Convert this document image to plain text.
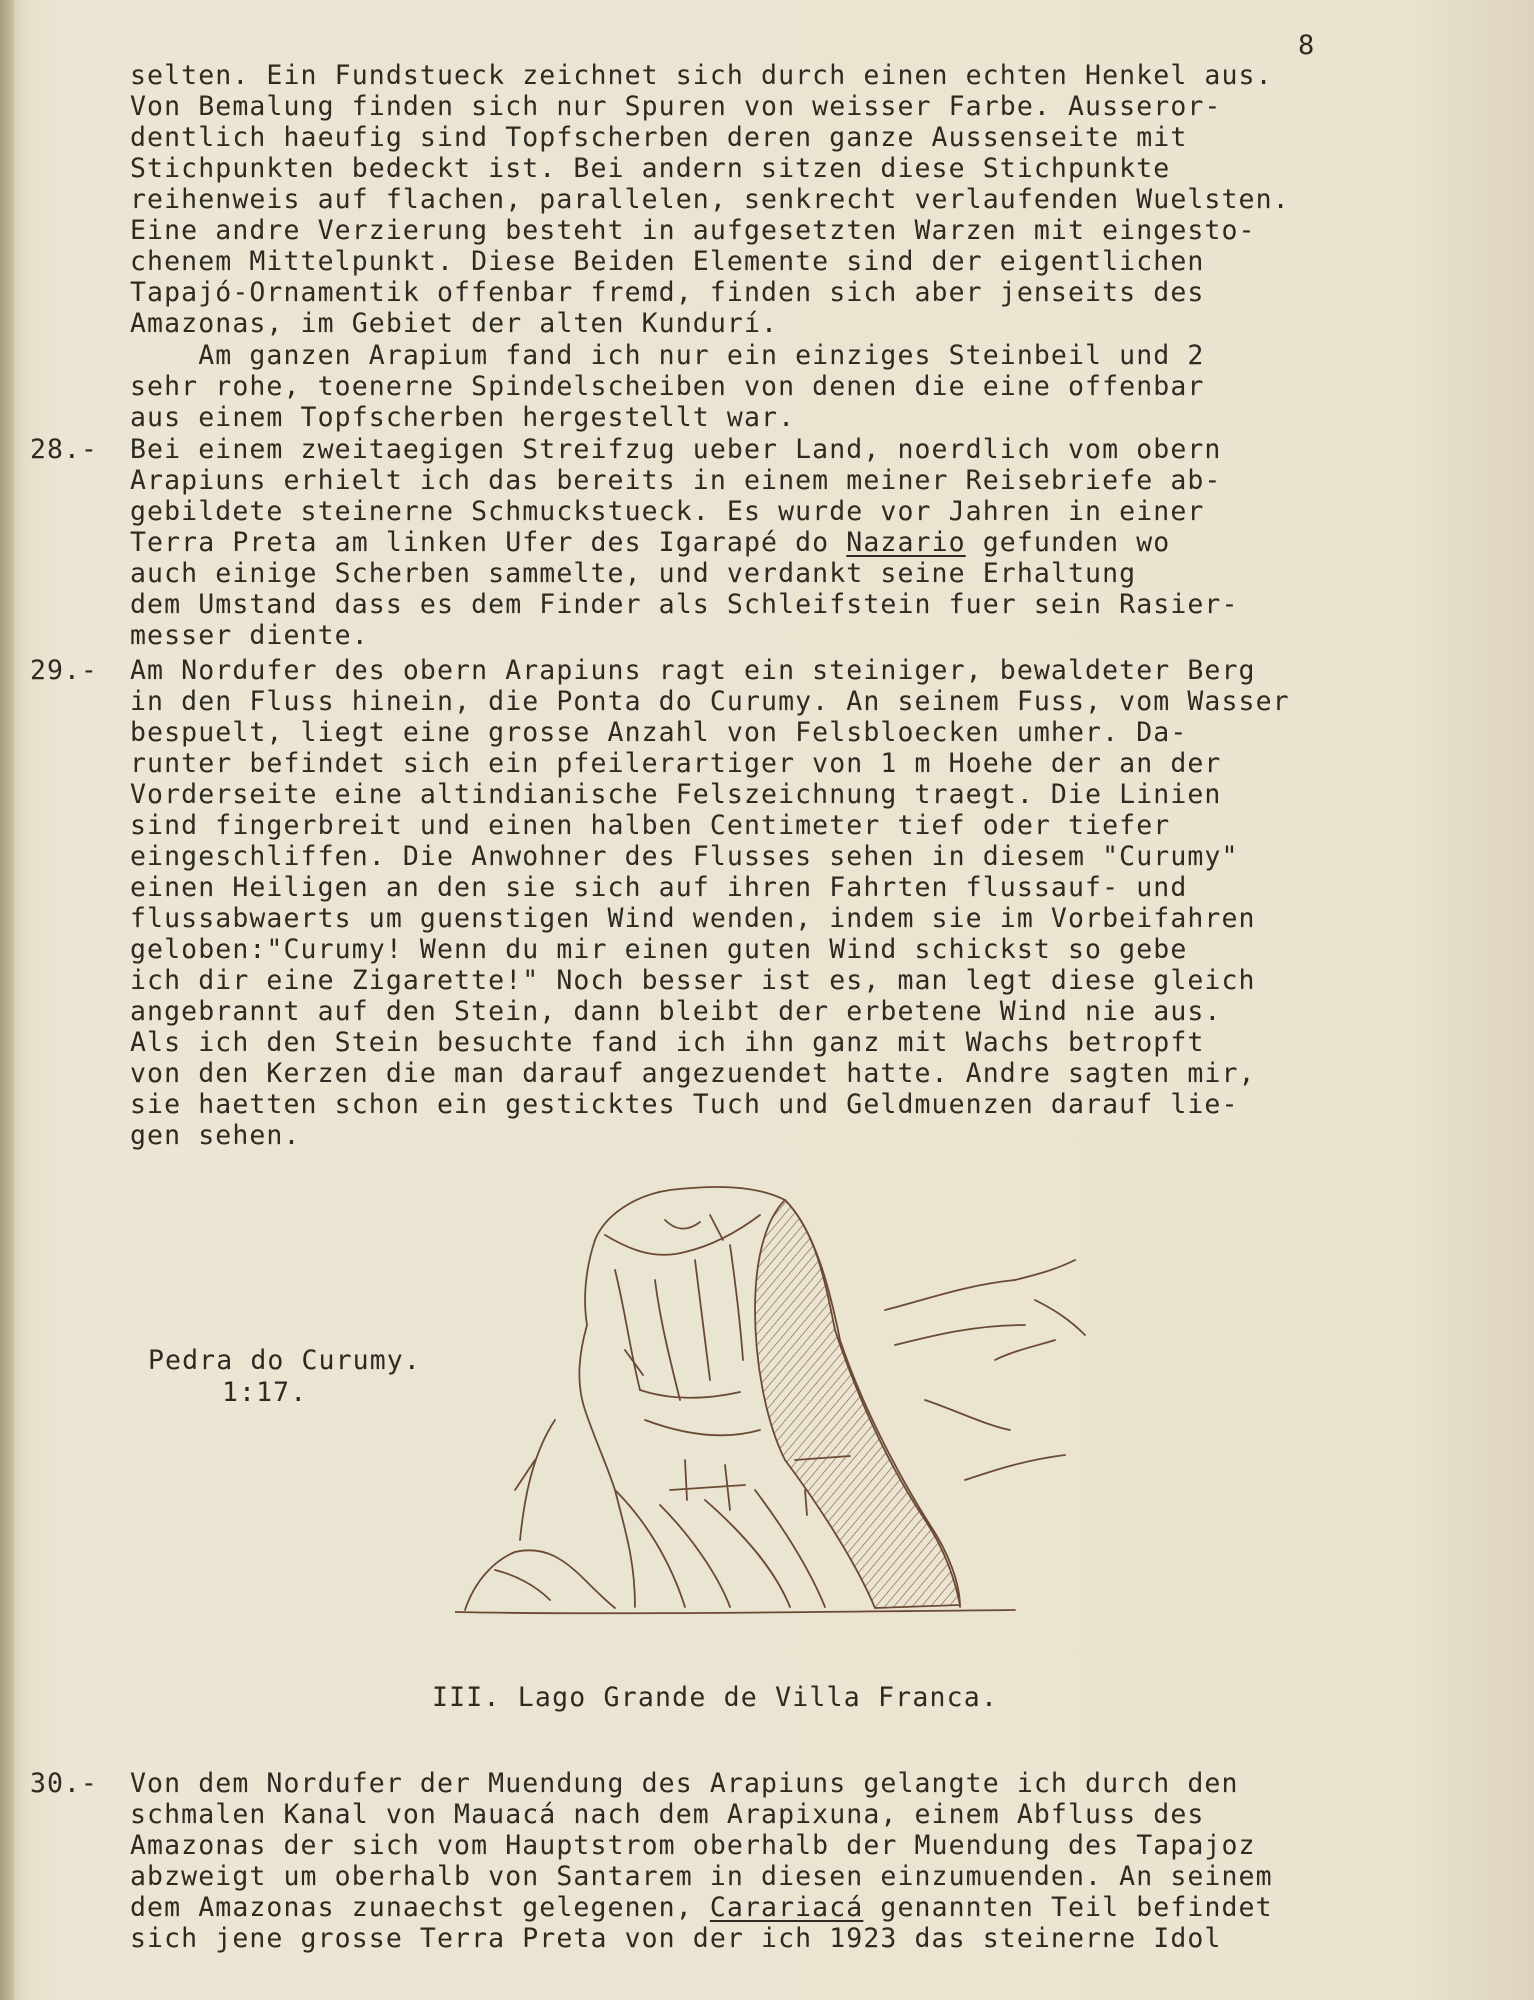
8
selten. Ein Fundstueck zeichnet sich durch einen echten Henkel aus.
Von Bemalung finden sich nur Spuren von weisser Farbe. Ausseror-
dentlich haeufig sind Topfscherben deren ganze Aussenseite mit
Stichpunkten bedeckt ist. Bei andern sitzen diese Stichpunkte
reihenweis auf flachen, parallelen, senkrecht verlaufenden Wuelsten.
Eine andre Verzierung besteht in aufgesetzten Warzen mit eingesto-
chenem Mittelpunkt. Diese Beiden Elemente sind der eigentlichen
Tapajó-Ornamentik offenbar fremd, finden sich aber jenseits des
Amazonas, im Gebiet der alten Kundurí.
Am ganzen Arapium fand ich nur ein einziges Steinbeil und 2
sehr rohe, toenerne Spindelscheiben von denen die eine offenbar
aus einem Topfscherben hergestellt war.
28.- Bei einem zweitaegigen Streifzug ueber Land, noerdlich vom obern
Arapiuns erhielt ich das bereits in einem meiner Reisebriefe ab-
gebildete steinerne Schmuckstueck. Es wurde vor Jahren in einer
Terra Preta am linken Ufer des Igarapé do Nazario gefunden wo
auch einige Scherben sammelte, und verdankt seine Erhaltung
dem Umstand dass es dem Finder als Schleifstein fuer sein Rasier-
messer diente.
29.- Am Nordufer des obern Arapiuns ragt ein steiniger, bewaldeter Berg
in den Fluss hinein, die Ponta do Curumy. An seinem Fuss, vom Wasser
bespuelt, liegt eine grosse Anzahl von Felsbloecken umher. Da-
runter befindet sich ein pfeilerartiger von 1 m Hoehe der an der
Vorderseite eine altindianische Felszeichnung traegt. Die Linien
sind fingerbreit und einen halben Centimeter tief oder tiefer
eingeschliffen. Die Anwohner des Flusses sehen in diesem "Curumy"
einen Heiligen an den sie sich auf ihren Fahrten flussauf- und
flussabwaerts um guenstigen Wind wenden, indem sie im Vorbeifahren
geloben:"Curumy! Wenn du mir einen guten Wind schickst so gebe
ich dir eine Zigarette!" Noch besser ist es, man legt diese gleich
angebrannt auf den Stein, dann bleibt der erbetene Wind nie aus.
Als ich den Stein besuchte fand ich ihn ganz mit Wachs betropft
von den Kerzen die man darauf angezuendet hatte. Andre sagten mir,
sie haetten schon ein gesticktes Tuch und Geldmuenzen darauf lie-
gen sehen.
Pedra do Curumy.
1:17.
III. Lago Grande de Villa Franca.
30.- Von dem Nordufer der Muendung des Arapiuns gelangte ich durch den
schmalen Kanal von Mauacá nach dem Arapixuna, einem Abfluss des
Amazonas der sich vom Hauptstrom oberhalb der Muendung des Tapajoz
abzweigt um oberhalb von Santarem in diesen einzumuenden. An seinem
dem Amazonas zunaechst gelegenen, Carariacá genannten Teil befindet
sich jene grosse Terra Preta von der ich 1923 das steinerne Idol
